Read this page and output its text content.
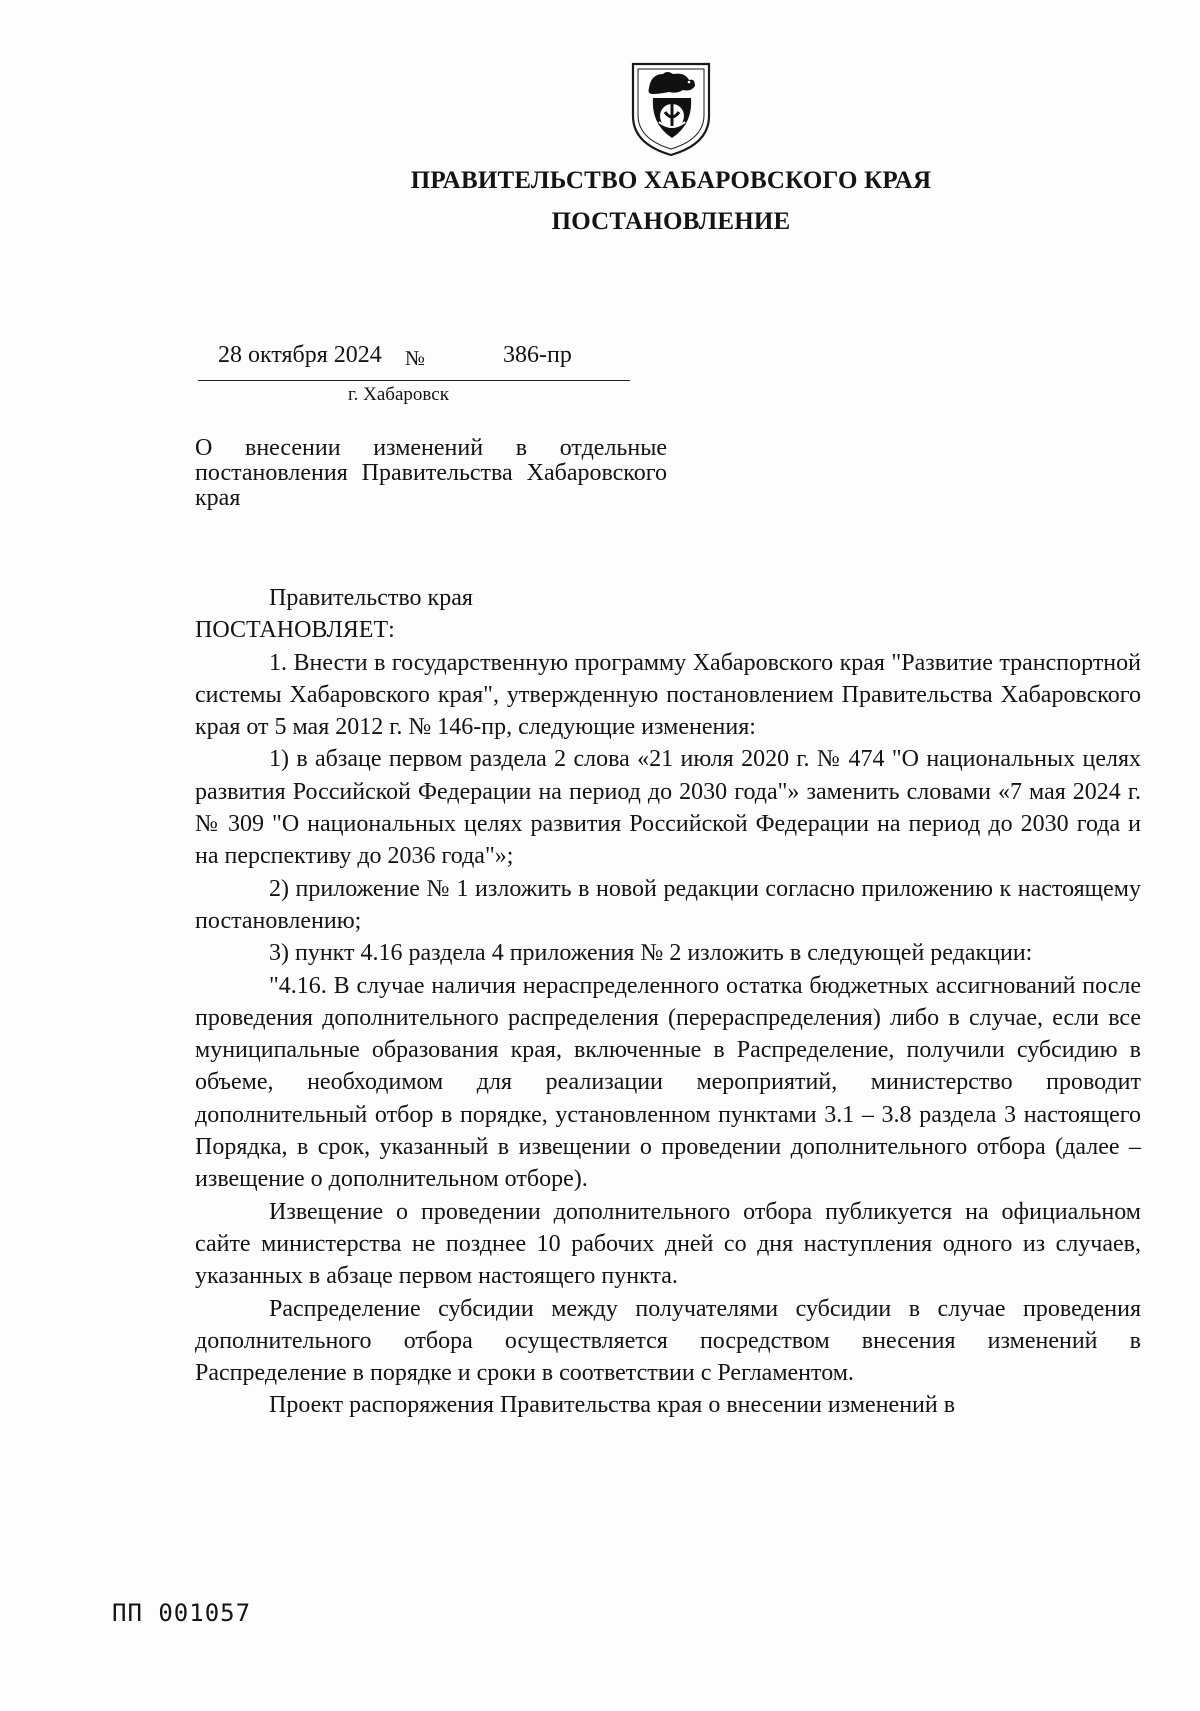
ПРАВИТЕЛЬСТВО ХАБАРОВСКОГО КРАЯ
ПОСТАНОВЛЕНИЕ
28 октября 2024 №	386-пр
г. Хабаровск

О внесении изменений в отдельные постановления Правительства Хабаровского края

Правительство края

ПОСТАНОВЛЯЕТ:

1. Внести в государственную программу Хабаровского края "Развитие транспортной системы Хабаровского края", утвержденную постановлением Правительства Хабаровского края от 5 мая 2012 г. № 146-пр, следующие изменения:

1) в абзаце первом раздела 2 слова «21 июля 2020 г. № 474 "О национальных целях развития Российской Федерации на период до 2030 года"» заменить словами «7 мая 2024 г. № 309 "О национальных целях развития Российской Федерации на период до 2030 года и на перспективу до 2036 года"»;

2) приложение № 1 изложить в новой редакции согласно приложению к настоящему постановлению;

3) пункт 4.16 раздела 4 приложения № 2 изложить в следующей редакции:

"4.16. В случае наличия нераспределенного остатка бюджетных ассигнований после проведения дополнительного распределения (перераспределения) либо в случае, если все муниципальные образования края, включенные в Распределение, получили субсидию в объеме, необходимом для реализации мероприятий, министерство проводит дополнительный отбор в порядке, установленном пунктами 3.1 – 3.8 раздела 3 настоящего Порядка, в срок, указанный в извещении о проведении дополнительного отбора (далее – извещение о дополнительном отборе).

Извещение о проведении дополнительного отбора публикуется на официальном сайте министерства не позднее 10 рабочих дней со дня наступления одного из случаев, указанных в абзаце первом настоящего пункта.

Распределение субсидии между получателями субсидии в случае проведения дополнительного отбора осуществляется посредством внесения изменений в Распределение в порядке и сроки в соответствии с Регламентом.

Проект распоряжения Правительства края о внесении изменений в

ПП 001057
